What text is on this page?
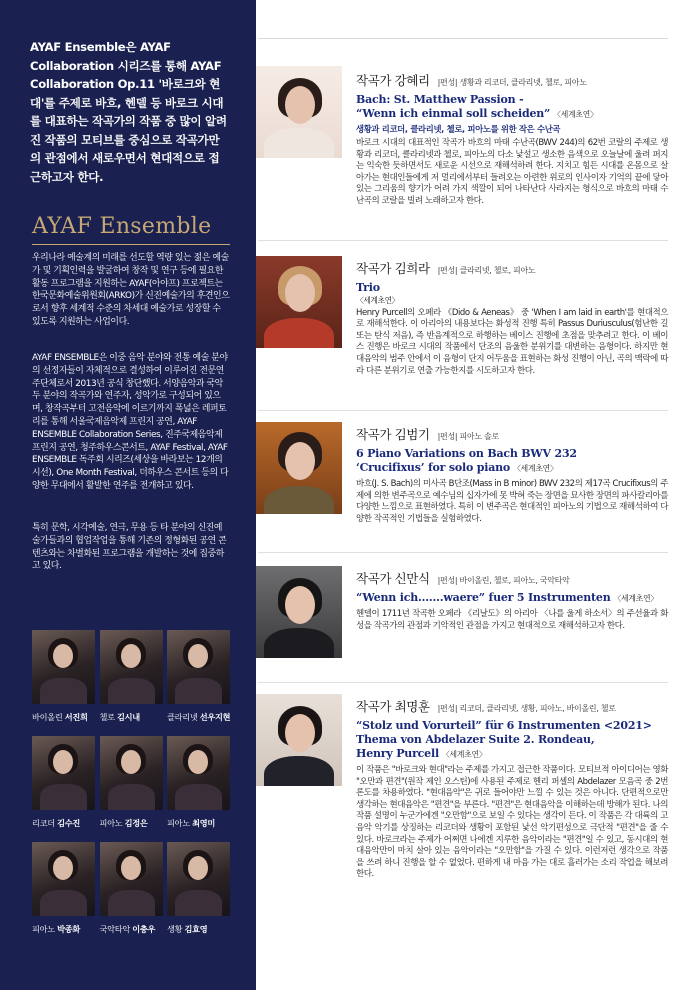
AYAF Ensemble은 AYAF Collaboration 시리즈를 통해 AYAF Collaboration Op.11 '바로크와 현대'를 주제로 바흐, 헨델 등 바로크 시대를 대표하는 작곡가의 작품 중 많이 알려진 작품의 모티브를 중심으로 작곡가만의 관점에서 새로우면서 현대적으로 접근하고자 한다.
AYAF Ensemble
우리나라 예술계의 미래를 선도할 역량 있는 젊은 예술가 및 기획인력을 발굴하여 창작 및 연구 등에 필요한 활동 프로그램을 지원하는 AYAF(아야프) 프로젝트는 한국문화예술위원회(ARKO)가 신진예술가의 후견인으로서 향후 세계적 수준의 차세대 예술가로 성장할 수 있도록 지원하는 사업이다.
AYAF ENSEMBLE은 이중 음악 분야와 전통 예술 분야의 선정자들이 자체적으로 결성하여 이루어진 전문연주단체로서 2013년 공식 창단했다. 서양음악과 국악 두 분야의 작곡가와 연주자, 성악가로 구성되어 있으며, 창작곡부터 고전음악에 이르기까지 폭넓은 레퍼토리를 통해 서울국제음악제 프린지 공연, AYAF ENSEMBLE Collaboration Series, 진주국제음악제 프린지 공연, 청주하우스콘서트, AYAF Festival, AYAF ENSEMBLE 독주회 시리즈(세상을 바라보는 12개의 시선), One Month Festival, 더하우스 콘서트 등의 다양한 무대에서 활발한 연주를 전개하고 있다.
특히 문학, 시각예술, 연극, 무용 등 타 분야의 신진예술가들과의 협업작업을 통해 기존의 정형화된 공연 콘텐츠와는 차별화된 프로그램을 개발하는 것에 집중하고 있다.
바이올린 서진희	첼로 김시내	클라리넷 선우지현
리코더 김수진	피아노 김정은	피아노 최영미
피아노 박종화	국악타악 이충우	생황 김효영
작곡가 강혜리 |편성| 생황과 리코더, 클라리넷, 첼로, 피아노
Bach: St. Matthew Passion -
“Wenn ich einmal soll scheiden” 〈세계초연〉
생황과 리코더, 클라리넷, 첼로, 피아노를 위한 작은 수난곡
바로크 시대의 대표적인 작곡가 바흐의 마태 수난곡(BWV 244)의 62번 코랄의 주제로 생황과 리코더, 클라리넷과 첼로, 피아노의 다소 낯설고 생소한 음색으로 오늘날에 울려 퍼지는 익숙한 듯하면서도 새로운 시선으로 재해석하려 한다. 지치고 힘든 시대를 온몸으로 살아가는 현대인들에게 저 멀리에서부터 들려오는 아련한 위로의 인사이자 기억의 끝에 닿아 있는 그리움의 향기가 어려 가지 색깔이 되어 나타난다 사라지는 형식으로 바흐의 마태 수난곡의 코랄을 빌려 노래하고자 한다.
작곡가 김희라 |편성| 클라리넷, 첼로, 피아노
Trio
〈세계초연〉
Henry Purcell의 오페라 《Dido & Aeneas》 중 'When I am laid in earth'를 현대적으로 재해석한다. 이 아리아의 내용보다는 화성적 진행 특히 Passus Duriusculus(험난한 길 또는 탄식 저음), 즉 반음계적으로 하행하는 베이스 진행에 초점을 맞추려고 한다. 이 베이스 진행은 바로크 시대의 작품에서 단조의 음울한 분위기를 대변하는 음형이다. 하지만 현대음악의 범주 안에서 이 음형이 단지 어두움을 표현하는 화성 진행이 아닌, 곡의 맥락에 따라 다른 분위기로 연출 가능한지를 시도하고자 한다.
작곡가 김범기 |편성| 피아노 솔로
6 Piano Variations on Bach BWV 232
‘Crucifixus’ for solo piano 〈세계초연〉
바흐(J. S. Bach)의 미사곡 B단조(Mass in B minor) BWV 232의 제17곡 Crucifixus의 주제에 의한 변주곡으로 예수님의 십자가에 못 박혀 죽는 장면을 묘사한 장면의 파사칼리아를 다양한 느낌으로 표현하였다. 특히 이 변주곡은 현대적인 피아노의 기법으로 재해석하여 다양한 작곡적인 기법들을 실험하였다.
작곡가 신만식 |편성| 바이올린, 첼로, 피아노, 국악타악
“Wenn ich.......waere” fuer 5 Instrumenten 〈세계초연〉
헨델이 1711년 작곡한 오페라 《리날도》의 아리아 〈나를 울게 하소서〉의 주선율과 화성을 작곡가의 관점과 기악적인 관점을 가지고 현대적으로 재해석하고자 한다.
작곡가 최명훈 |편성| 리코더, 클라리넷, 생황, 피아노, 바이올린, 첼로
“Stolz und Vorurteil” für 6 Instrumenten <2021>
Thema von Abdelazer Suite 2. Rondeau,
Henry Purcell 〈세계초연〉
이 작품은 "바로크와 현대"라는 주제를 가지고 접근한 작품이다. 모티브적 아이디어는 영화 "오만과 편견"(원작 제인 오스틴)에 사용된 주제로 헨리 퍼셀의 Abdelazer 모음곡 중 2번 론도를 차용하였다. "현대음악"은 귀로 들어야만 느낄 수 있는 것은 아니다. 단편적으로만 생각하는 현대음악은 "편견"을 부른다. "편견"은 현대음악을 이해하는데 방해가 된다. 나의 작품 설명이 누군가에겐 "오만함"으로 보일 수 있다는 생각이 든다. 이 작품은 각 대륙의 고음악 악기를 상징하는 리코더와 생황이 포함된 낯선 악기편성으로 극단적 "편견"을 줄 수 있다. 바로크라는 주제가 어쩌면 나에겐 지루한 음악이라는 "편견"일 수 있고, 동시대의 현대음악만이 마치 살아 있는 음악이라는 "오만함"을 가질 수 있다. 이런저런 생각으로 작품을 쓰려 하니 진행을 할 수 없었다. 편하게 내 마음 가는 대로 흘러가는 소리 작업을 해보려 한다.
